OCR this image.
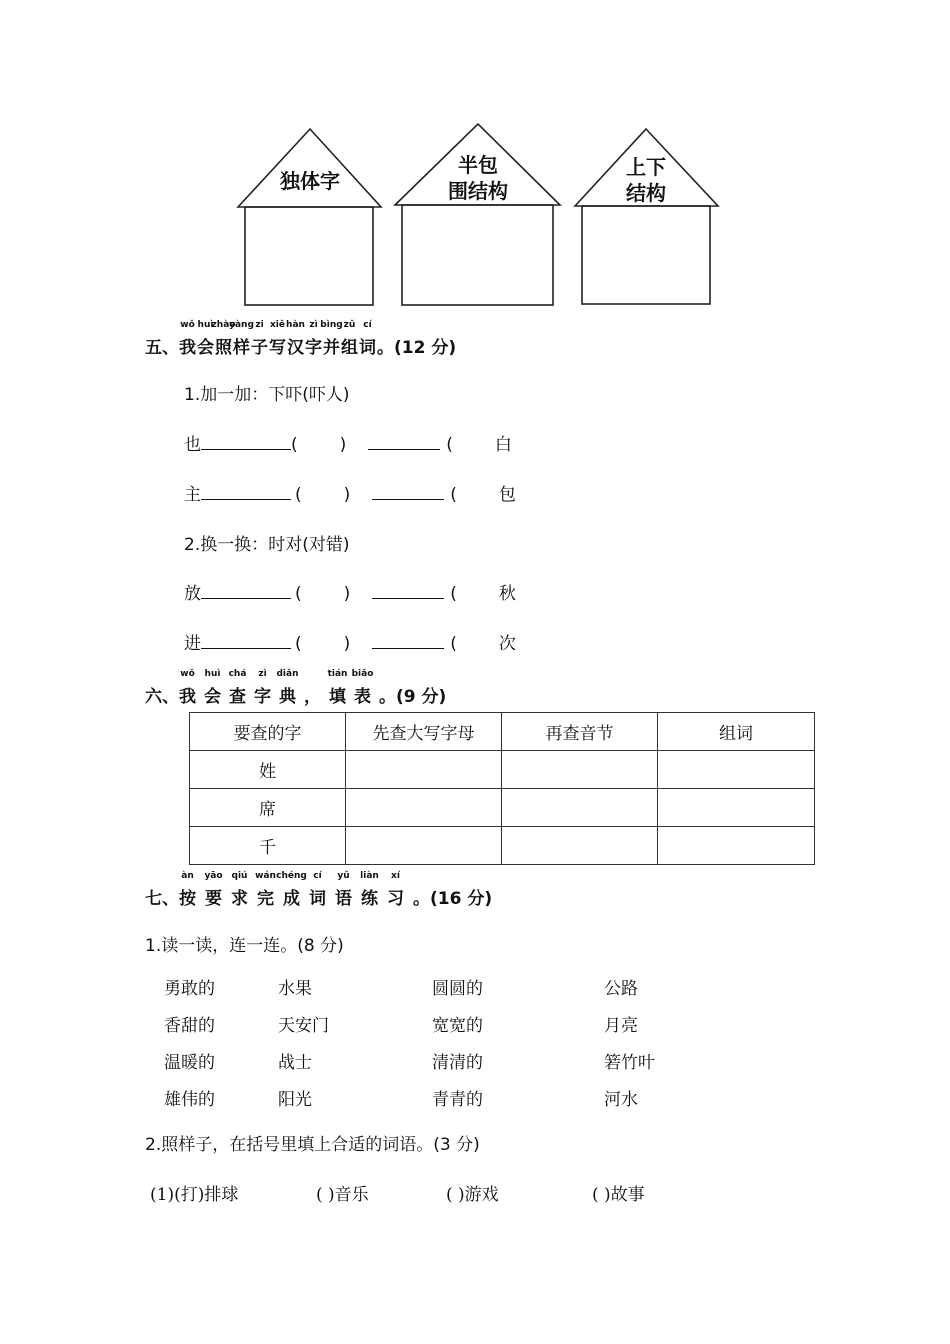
独体字
半包
围结构
上下
结构
五、
wǒ
我
huì
会
zhào
照
yàng
样
zi
子
xiě
写
hàn
汉
zì
字
bìng
并
zǔ
组
cí
词。(12 分)
1.加一加：下吓(吓人)
也	( )	( 白
主	( )	( 包
2.换一换：时对(对错)
放	( )	( 秋
进	( )	( 次
六、
wǒ
我
huì
会
chá
查
zì
字
diǎn
典 ，
tián
填
biǎo
表 。(9 分)
要查的字	先查大写字母	再查音节	组词
姓			
席			
千			
七、
àn
按
yāo
要
qiú
求
wán
完
chéng
成
cí
词
yǔ
语
liàn
练
xí
习 。(16 分)
1.读一读，连一连。(8 分)
勇敢的	水果	圆圆的	公路
香甜的	天安门	宽宽的	月亮
温暖的	战士	清清的	箬竹叶
雄伟的	阳光	青青的	河水
2.照样子，在括号里填上合适的词语。(3 分)
(1)(打)排球	( )音乐	( )游戏	( )故事
